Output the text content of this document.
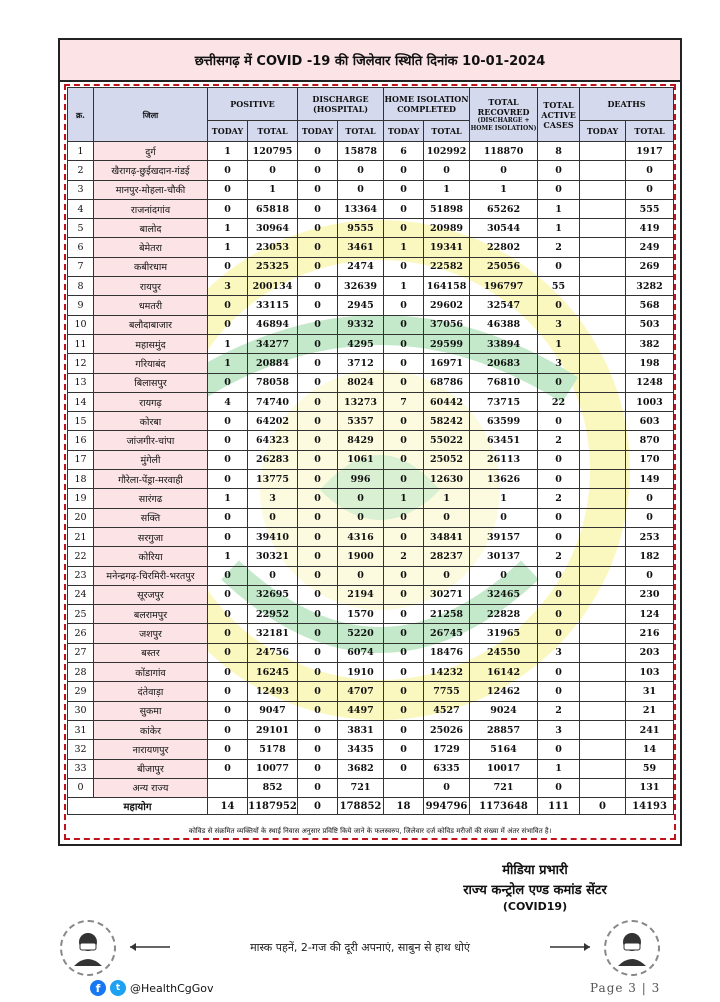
छत्तीसगढ़ में COVID -19 की जिलेवार स्थिति दिनांक 10-01-2024
क्र.	जिला	POSITIVE		DISCHARGE (HOSPITAL)		HOME ISOLATION COMPLETED		TOTAL RECOVRED
(DISCHARGE + HOME ISOLATION)	TOTAL ACTIVE CASES	DEATHS	
		TODAY	TOTAL	TODAY	TOTAL	TODAY	TOTAL			TODAY	TOTAL
1	दुर्ग	1	120795	0	15878	6	102992	118870	8		1917
2	खैरागढ़-छुईखदान-गंडई	0	0	0	0	0	0	0	0		0
3	मानपुर-मोहला-चौकी	0	1	0	0	0	1	1	0		0
4	राजनांदगांव	0	65818	0	13364	0	51898	65262	1		555
5	बालोद	1	30964	0	9555	0	20989	30544	1		419
6	बेमेतरा	1	23053	0	3461	1	19341	22802	2		249
7	कबीरधाम	0	25325	0	2474	0	22582	25056	0		269
8	रायपुर	3	200134	0	32639	1	164158	196797	55		3282
9	धमतरी	0	33115	0	2945	0	29602	32547	0		568
10	बलौदाबाजार	0	46894	0	9332	0	37056	46388	3		503
11	महासमुंद	1	34277	0	4295	0	29599	33894	1		382
12	गरियाबंद	1	20884	0	3712	0	16971	20683	3		198
13	बिलासपुर	0	78058	0	8024	0	68786	76810	0		1248
14	रायगढ़	4	74740	0	13273	7	60442	73715	22		1003
15	कोरबा	0	64202	0	5357	0	58242	63599	0		603
16	जांजगीर-चांपा	0	64323	0	8429	0	55022	63451	2		870
17	मुंगेली	0	26283	0	1061	0	25052	26113	0		170
18	गौरेला-पेंड्रा-मरवाही	0	13775	0	996	0	12630	13626	0		149
19	सारंगढ	1	3	0	0	1	1	1	2		0
20	सक्ति	0	0	0	0	0	0	0	0		0
21	सरगुजा	0	39410	0	4316	0	34841	39157	0		253
22	कोरिया	1	30321	0	1900	2	28237	30137	2		182
23	मनेन्द्रगढ़-चिरमिरी-भरतपुर	0	0	0	0	0	0	0	0		0
24	सूरजपुर	0	32695	0	2194	0	30271	32465	0		230
25	बलरामपुर	0	22952	0	1570	0	21258	22828	0		124
26	जशपुर	0	32181	0	5220	0	26745	31965	0		216
27	बस्तर	0	24756	0	6074	0	18476	24550	3		203
28	कोंडागांव	0	16245	0	1910	0	14232	16142	0		103
29	दंतेवाड़ा	0	12493	0	4707	0	7755	12462	0		31
30	सुकमा	0	9047	0	4497	0	4527	9024	2		21
31	कांकेर	0	29101	0	3831	0	25026	28857	3		241
32	नारायणपुर	0	5178	0	3435	0	1729	5164	0		14
33	बीजापुर	0	10077	0	3682	0	6335	10017	1		59
0	अन्य राज्य		852	0	721		0	721	0		131
महायोग		14	1187952	0	178852	18	994796	1173648	111	0	14193
कोविड से संक्रमित व्यक्तियों के स्थाई निवास अनुसार प्रविष्टि किये जाने के फलस्वरुप, जिलेवार दर्ज कोविड मरीजों की संख्या में अंतर संभावित है।
मीडिया प्रभारी
राज्य कन्ट्रोल एण्ड कमांड सेंटर
(COVID19)
मास्क पहनें, 2-गज की दूरी अपनाएं, साबुन से हाथ धोएं
f	t @HealthCgGov	Page 3 | 3
